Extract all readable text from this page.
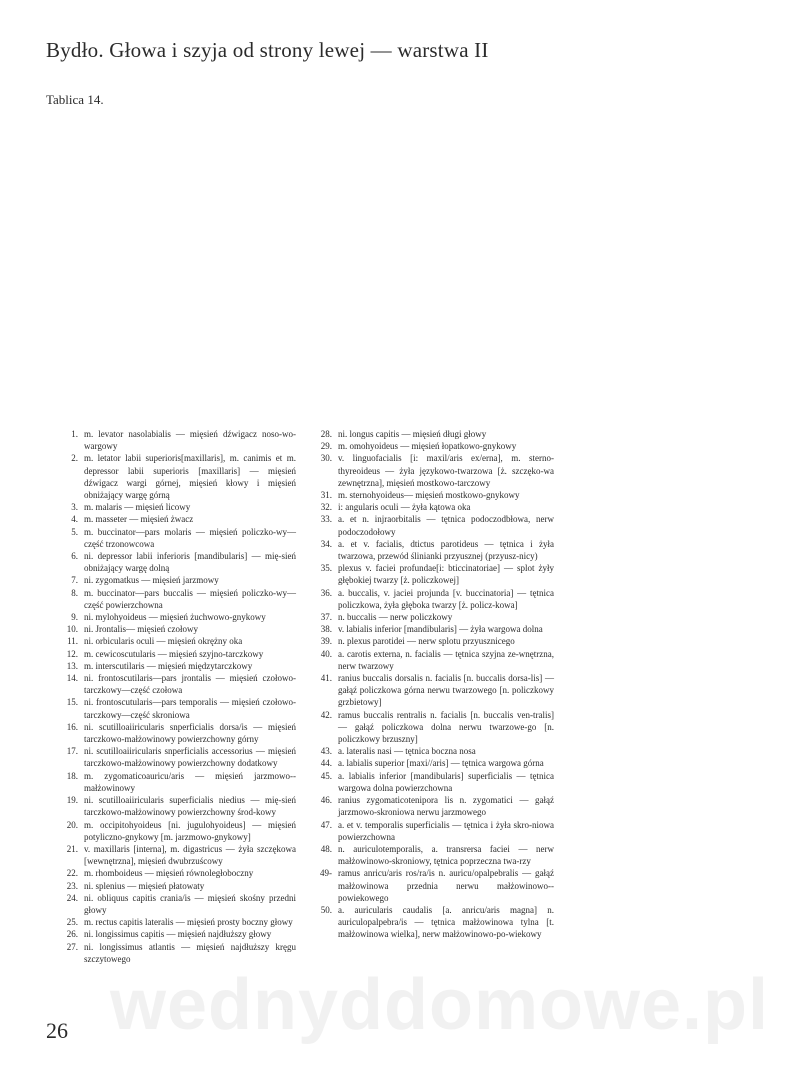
Bydło. Głowa i szyja od strony lewej — warstwa II
Tablica 14.
1. m. levator nasolabialis — mięsień dźwigacz noso-wo-wargowy
2. m. letator labii superioris[maxillaris], m. canimis et m. depressor labii superioris [maxillaris] — mięsień dźwigacz wargi górnej, mięsień kłowy i mięsień obniżający wargę górną
3. m. malaris — mięsień licowy
4. m. masseter — mięsień żwacz
5. m. buccinator—pars molaris — mięsień policzko-wy—część trzonowcowa
6. ni. depressor labii inferioris [mandibularis] — mię-sień obniżający wargę dolną
7. ni. zygomatkus — mięsień jarzmowy
8. m. buccinator—pars buccalis — mięsień policzko-wy—część powierzchowna
9. ni. mylohyoideus — mięsień żuchwowo-gnykowy
10. ni. Jrontalis— mięsień czołowy
11. ni. orbicularis oculi — mięsień okrężny oka
12. m. cewicoscutularis — mięsień szyjno-tarczkowy
13. m. interscutilaris — mięsień międzytarczkowy
14. ni. frontoscutilaris—pars jrontalis — mięsień czołowo-tarczkowy—część czołowa
15. ni. frontoscutularis—pars temporalis — mięsień czołowo-tarczkowy—część skroniowa
16. ni. scutilloaiiricularis snperficialis dorsa/is — mięsień tarczkowo-małżowinowy powierzchowny górny
17. ni. scutilloaiiricularis snperficialis accessorius — mięsień tarczkowo-małżowinowy powierzchowny dodatkowy
18. m. zygomaticoauricu/aris — mięsień jarzmowo--małżowinowy
19. ni. scutilloaiiricularis superficialis niedius — mię-sień tarczkowo-małżowinowy powierzchowny środ-kowy
20. m. occipitohyoideus [ni. jugulohyoideus] — mięsień potyliczno-gnykowy [m. jarzmowo-gnykowy]
21. v. maxillaris [interna], m. digastricus — żyła szczękowa [wewnętrzna], mięsień dwubrzuścowy
22. m. rhomboideus — mięsień równoległoboczny
23. ni. splenius — mięsień płatowaty
24. ni. obliquus capitis crania/is — mięsień skośny przedni głowy
25. m. rectus capitis lateralis — mięsień prosty boczny głowy
26. ni. longissimus capitis — mięsień najdłuższy głowy
27. ni. longissimus atlantis — mięsień najdłuższy kręgu szczytowego
28. ni. longus capitis — mięsień długi głowy
29. m. omohyoideus — mięsień łopatkowo-gnykowy
30. v. linguofacialis [i: maxil/aris ex/erna], m. sterno-thyreoideus — żyła językowo-twarzowa [ż. szczęko-wa zewnętrzna], mięsień mostkowo-tarczowy
31. m. sternohyoideus— mięsień mostkowo-gnykowy
32. i: angularis oculi — żyła kątowa oka
33. a. et n. injraorbitalis — tętnica podoczodbłowa, nerw podoczodołowy
34. a. et v. facialis, dtictus parotideus — tętnica i żyła twarzowa, przewód ślinianki przyusznej (przyusz-nicy)
35. plexus v. faciei profundae[i: bticcinatoriae] — splot żyły głębokiej twarzy [ż. policzkowej]
36. a. buccalis, v. jaciei projunda [v. buccinatoria] — tętnica policzkowa, żyła głęboka twarzy [ż. policz-kowa]
37. n. buccalis — nerw policzkowy
38. v. labialis inferior [mandibularis] — żyła wargowa dolna
39. n. plexus parotidei — nerw splotu przyusznicego
40. a. carotis externa, n. facialis — tętnica szyjna ze-wnętrzna, nerw twarzowy
41. ranius buccalis dorsalis n. facialis [n. buccalis dorsa-lis] — gałąź policzkowa górna nerwu twarzowego [n. policzkowy grzbietowy]
42. ramus buccalis rentralis n. facialis [n. buccalis ven-tralis] — gałąź policzkowa dolna nerwu twarzowe-go [n. policzkowy brzuszny]
43. a. lateralis nasi — tętnica boczna nosa
44. a. labialis superior [maxi//aris] — tętnica wargowa górna
45. a. labialis inferior [mandibularis] superficialis — tętnica wargowa dolna powierzchowna
46. ranius zygomaticotenipora lis n. zygomatici — gałąź jarzmowo-skroniowa nerwu jarzmowego
47. a. et v. temporalis superficialis — tętnica i żyła skro-niowa powierzchowna
48. n. auriculotemporalis, a. transrersa faciei — nerw małżowinowo-skroniowy, tętnica poprzeczna twa-rzy
49- ramus anricu/aris ros/ra/is n. auricu/opalpebralis — gałąź małżowinowa przednia nerwu małżowinowo--powiekowego
50. a. auricularis caudalis [a. anricu/aris magna] n. auriculopalpebra/is — tętnica małżowinowa tylna [t. małżowinowa wielka], nerw małżowinowo-po-wiekowy
wednyddomowe.pl
26
